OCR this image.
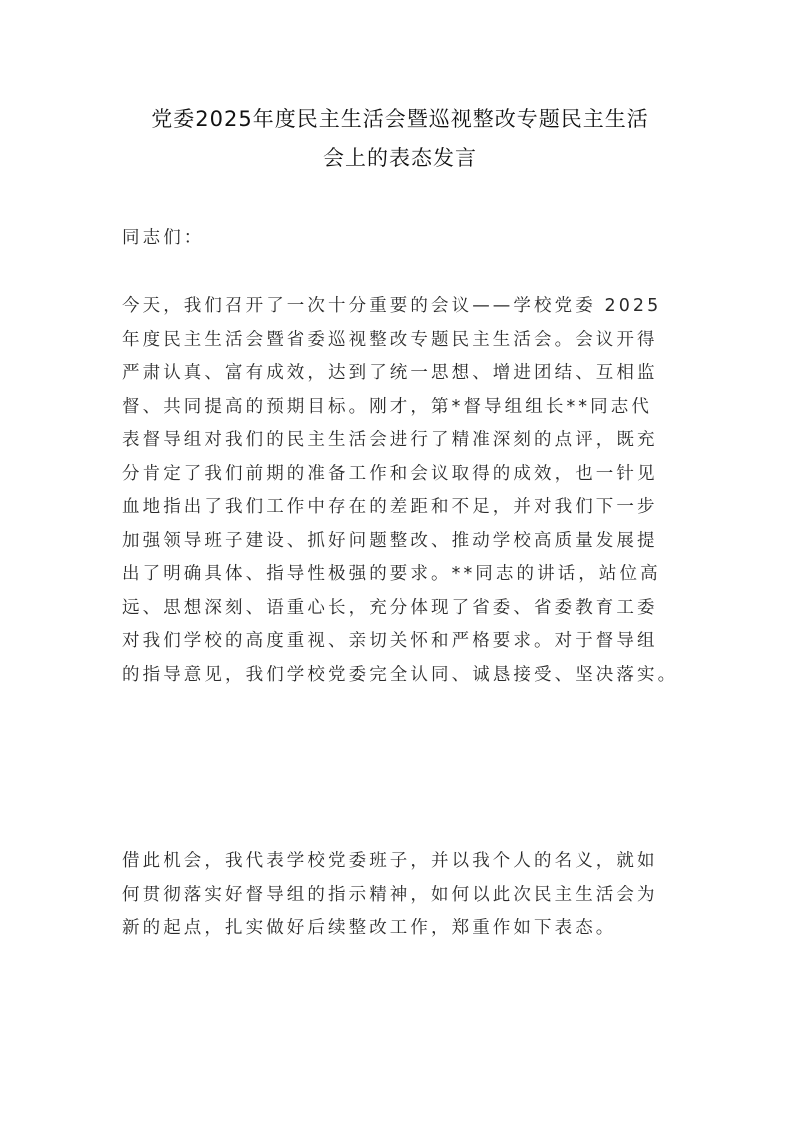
党委2025年度民主生活会暨巡视整改专题民主生活
会上的表态发言

同志们：

今天，我们召开了一次十分重要的会议——学校党委 2025
年度民主生活会暨省委巡视整改专题民主生活会。会议开得
严肃认真、富有成效，达到了统一思想、增进团结、互相监
督、共同提高的预期目标。刚才，第*督导组组长**同志代
表督导组对我们的民主生活会进行了精准深刻的点评，既充
分肯定了我们前期的准备工作和会议取得的成效，也一针见
血地指出了我们工作中存在的差距和不足，并对我们下一步
加强领导班子建设、抓好问题整改、推动学校高质量发展提
出了明确具体、指导性极强的要求。**同志的讲话，站位高
远、思想深刻、语重心长，充分体现了省委、省委教育工委
对我们学校的高度重视、亲切关怀和严格要求。对于督导组
的指导意见，我们学校党委完全认同、诚恳接受、坚决落实。

借此机会，我代表学校党委班子，并以我个人的名义，就如
何贯彻落实好督导组的指示精神，如何以此次民主生活会为
新的起点，扎实做好后续整改工作，郑重作如下表态。
